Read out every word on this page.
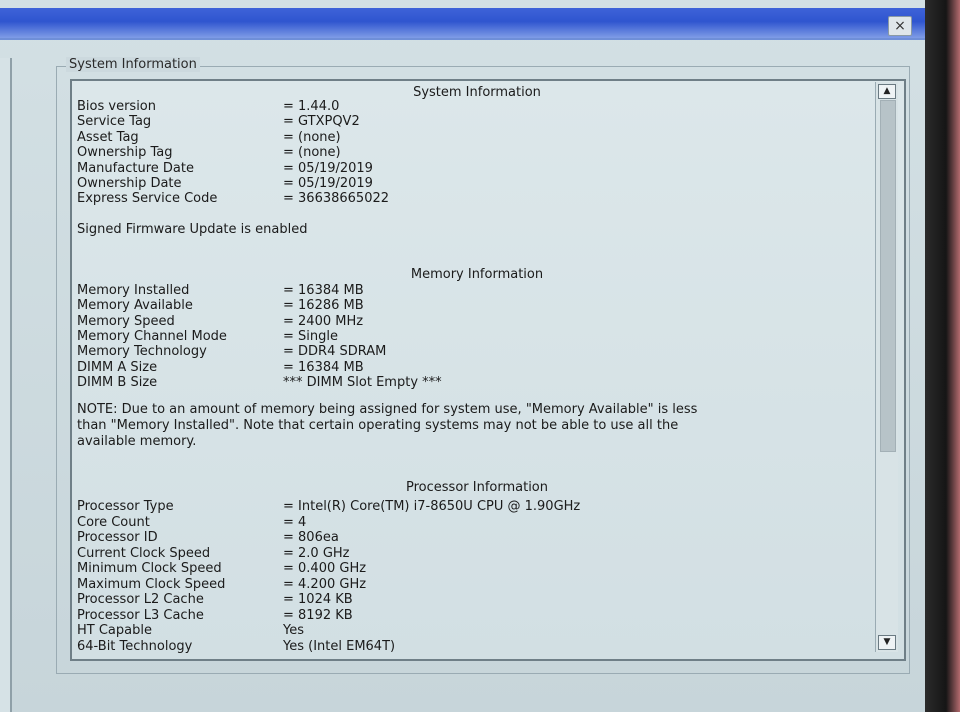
×
System Information
System Information
Bios version	= 1.44.0
Service Tag	= GTXPQV2
Asset Tag	= (none)
Ownership Tag	= (none)
Manufacture Date	= 05/19/2019
Ownership Date	= 05/19/2019
Express Service Code	= 36638665022
Signed Firmware Update is enabled
Memory Information
Memory Installed	= 16384 MB
Memory Available	= 16286 MB
Memory Speed	= 2400 MHz
Memory Channel Mode	= Single
Memory Technology	= DDR4 SDRAM
DIMM A Size	= 16384 MB
DIMM B Size	*** DIMM Slot Empty ***
NOTE: Due to an amount of memory being assigned for system use, "Memory Available" is less
than "Memory Installed". Note that certain operating systems may not be able to use all the
available memory.
Processor Information
Processor Type	= Intel(R) Core(TM) i7-8650U CPU @ 1.90GHz
Core Count	= 4
Processor ID	= 806ea
Current Clock Speed	= 2.0 GHz
Minimum Clock Speed	= 0.400 GHz
Maximum Clock Speed	= 4.200 GHz
Processor L2 Cache	= 1024 KB
Processor L3 Cache	= 8192 KB
HT Capable	Yes
64-Bit Technology	Yes (Intel EM64T)
▲
▼
